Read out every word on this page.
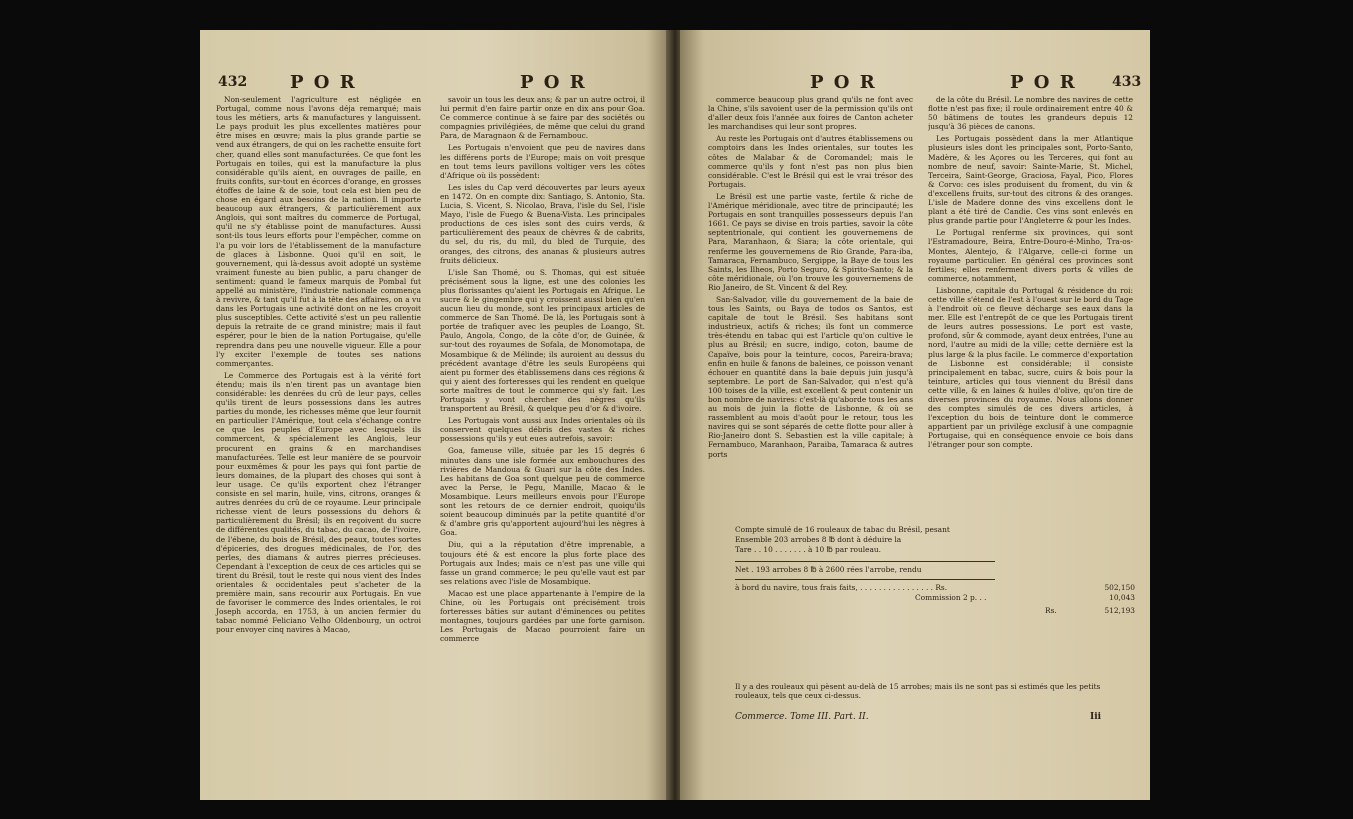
432 P O R	P O R

Non-seulement l'agriculture est négligée en Portugal, comme nous l'avons déja remarqué; mais tous les métiers, arts & manufactures y languissent. Le pays produit les plus excellentes matières pour être mises en œuvre; mais la plus grande partie se vend aux étrangers, de qui on les rachette ensuite fort cher, quand elles sont manufacturées. Ce que font les Portugais en toiles, qui est la manufacture la plus considérable qu'ils aient, en ouvrages de paille, en fruits confits, sur-tout en écorces d'orange, en grosses étoffes de laine & de soie, tout cela est bien peu de chose en égard aux besoins de la nation. Il importe beaucoup aux étrangers, & particulièrement aux Anglois, qui sont maîtres du commerce de Portugal, qu'il ne s'y établisse point de manufactures. Aussi sont-ils tous leurs efforts pour l'empêcher, comme on l'a pu voir lors de l'établissement de la manufacture de glaces à Lisbonne. Quoi qu'il en soit, le gouvernement, qui là-dessus avoit adopté un système vraiment funeste au bien public, a paru changer de sentiment: quand le fameux marquis de Pombal fut appellé au ministère, l'industrie nationale commença à revivre, & tant qu'il fut à la tête des affaires, on a vu dans les Portugais une activité dont on ne les croyoit plus susceptibles. Cette activité s'est un peu rallentie depuis la retraite de ce grand ministre; mais il faut espérer, pour le bien de la nation Portugaise, qu'elle reprendra dans peu une nouvelle vigueur. Elle a pour l'y exciter l'exemple de toutes ses nations commerçantes.

Le Commerce des Portugais est à la vérité fort étendu; mais ils n'en tirent pas un avantage bien considérable: les denrées du crû de leur pays, celles qu'ils tirent de leurs possessions dans les autres parties du monde, les richesses même que leur fournit en particulier l'Amérique, tout cela s'échange contre ce que les peuples d'Europe avec lesquels ils commercent, & spécialement les Anglois, leur procurent en grains & en marchandises manufacturées. Telle est leur manière de se pourvoir pour euxmêmes & pour les pays qui font partie de leurs domaines, de la plupart des choses qui sont à leur usage. Ce qu'ils exportent chez l'étranger consiste en sel marin, huile, vins, citrons, oranges & autres denrées du crû de ce royaume. Leur principale richesse vient de leurs possessions du dehors & particulièrement du Brésil; ils en reçoivent du sucre de différentes qualités, du tabac, du cacao, de l'ivoire, de l'ébene, du bois de Brésil, des peaux, toutes sortes d'épiceries, des drogues médicinales, de l'or, des perles, des diamans & autres pierres précieuses. Cependant à l'exception de ceux de ces articles qui se tirent du Brésil, tout le reste qui nous vient des Indes orientales & occidentales peut s'acheter de la première main, sans recourir aux Portugais. En vue de favoriser le commerce des Indes orientales, le roi Joseph accorda, en 1753, à un ancien fermier du tabac nommé Feliciano Velho Oldenbourg, un octroi pour envoyer cinq navires à Macao,

savoir un tous les deux ans; & par un autre octroi, il lui permit d'en faire partir onze en dix ans pour Goa. Ce commerce continue à se faire par des sociétés ou compagnies privilégiées, de même que celui du grand Para, de Maragnaon & de Fernambouc.

Les Portugais n'envoient que peu de navires dans les différens ports de l'Europe; mais on voit presque en tout tems leurs pavillons voltiger vers les côtes d'Afrique où ils possèdent:

Les isles du Cap verd découvertes par leurs ayeux en 1472. On en compte dix: Santiago, S. Antonio, Sta. Lucia, S. Vicent, S. Nicolao, Brava, l'isle du Sel, l'isle Mayo, l'isle de Fuego & Buena-Vista. Les principales productions de ces isles sont des cuirs verds, & particulièrement des peaux de chèvres & de cabrits, du sel, du ris, du mil, du bled de Turquie, des oranges, des citrons, des ananas & plusieurs autres fruits délicieux.

L'isle San Thomé, ou S. Thomas, qui est située précisément sous la ligne, est une des colonies les plus florissantes qu'aient les Portugais en Afrique. Le sucre & le gingembre qui y croissent aussi bien qu'en aucun lieu du monde, sont les principaux articles de commerce de San Thomé. De là, les Portugais sont à portée de trafiquer avec les peuples de Loango, St. Paulo, Angola, Congo, de la côte d'or, de Guinée, & sur-tout des royaumes de Sofala, de Monomotapa, de Mosambique & de Mélinde; ils auroient au dessus du précédent avantage d'être les seuls Européens qui aient pu former des établissemens dans ces régions & qui y aient des forteresses qui les rendent en quelque sorte maîtres de tout le commerce qui s'y fait. Les Portugais y vont chercher des nègres qu'ils transportent au Brésil, & quelque peu d'or & d'ivoire.

Les Portugais vont aussi aux Indes orientales où ils conservent quelques débris des vastes & riches possessions qu'ils y eut eues autrefois, savoir:

Goa, fameuse ville, située par les 15 degrés 6 minutes dans une isle formée aux embouchures des rivières de Mandoua & Guari sur la côte des Indes. Les habitans de Goa sont quelque peu de commerce avec la Perse, le Pegu, Manille, Macao & le Mosambique. Leurs meilleurs envois pour l'Europe sont les retours de ce dernier endroit, quoiqu'ils soient beaucoup diminués par la petite quantité d'or & d'ambre gris qu'apportent aujourd'hui les nègres à Goa.

Diu, qui a la réputation d'être imprenable, a toujours été & est encore la plus forte place des Portugais aux Indes; mais ce n'est pas une ville qui fasse un grand commerce; le peu qu'elle vaut est par ses relations avec l'isle de Mosambique.

Macao est une place appartenante à l'empire de la Chine, où les Portugais ont précisément trois forteresses bâties sur autant d'éminences ou petites montagnes, toujours gardées par une forte garnison. Les Portugais de Macao pourroient faire un commerce

P O R	P O R	433

commerce beaucoup plus grand qu'ils ne font avec la Chine, s'ils savoient user de la permission qu'ils ont d'aller deux fois l'année aux foires de Canton acheter les marchandises qui leur sont propres.

Au reste les Portugais ont d'autres établissemens ou comptoirs dans les Indes orientales, sur toutes les côtes de Malabar & de Coromandel; mais le commerce qu'ils y font n'est pas non plus bien considérable. C'est le Brésil qui est le vrai trésor des Portugais.

Le Brésil est une partie vaste, fertile & riche de l'Amérique méridionale, avec titre de principauté; les Portugais en sont tranquilles possesseurs depuis l'an 1661. Ce pays se divise en trois parties, savoir la côte septentrionale, qui contient les gouvernemens de Para, Maranhaon, & Siara; la côte orientale, qui renferme les gouvernemens de Rio Grande, Para-iba, Tamaraca, Fernambuco, Sergippe, la Baye de tous les Saints, les Ilheos, Porto Seguro, & Spirito-Santo; & la côte méridionale, où l'on trouve les gouvernemens de Rio Janeiro, de St. Vincent & del Rey.

San-Salvador, ville du gouvernement de la baie de tous les Saints, ou Baya de todos os Santos, est capitale de tout le Brésil. Ses habitans sont industrieux, actifs & riches; ils font un commerce très-étendu en tabac qui est l'article qu'on cultive le plus au Brésil; en sucre, indigo, coton, baume de Capaïve, bois pour la teinture, cocos, Pareira-brava; enfin en huile & fanons de baleines, ce poisson venant échouer en quantité dans la baie depuis juin jusqu'à septembre. Le port de San-Salvador, qui n'est qu'à 100 toises de la ville, est excellent & peut contenir un bon nombre de navires: c'est-là qu'aborde tous les ans au mois de juin la flotte de Lisbonne, & où se rassemblent au mois d'août pour le retour, tous les navires qui se sont séparés de cette flotte pour aller à Rio-Janeiro dont S. Sebastien est la ville capitale; à Fernambuco, Maranhaon, Paraiba, Tamaraca & autres ports

de la côte du Brésil. Le nombre des navires de cette flotte n'est pas fixe; il roule ordinairement entre 40 & 50 bâtimens de toutes les grandeurs depuis 12 jusqu'à 36 pièces de canons.

Les Portugais possèdent dans la mer Atlantique plusieurs isles dont les principales sont, Porto-Santo, Madère, & les Açores ou les Terceres, qui font au nombre de neuf, savoir: Sainte-Marie, St. Michel, Terceira, Saint-George, Graciosa, Fayal, Pico, Flores & Corvo: ces isles produisent du froment, du vin & d'excellens fruits, sur-tout des citrons & des oranges. L'isle de Madere donne des vins excellens dont le plant a été tiré de Candie. Ces vins sont enlevés en plus grande partie pour l'Angleterre & pour les Indes.

Le Portugal renferme six provinces, qui sont l'Estramadoure, Beira, Entre-Douro-é-Minho, Tra-os-Montes, Alentejo, & l'Algarve, celle-ci forme un royaume particulier. En général ces provinces sont fertiles; elles renferment divers ports & villes de commerce, notamment,

Lisbonne, capitale du Portugal & résidence du roi: cette ville s'étend de l'est à l'ouest sur le bord du Tage à l'endroit où ce fleuve décharge ses eaux dans la mer. Elle est l'entrepôt de ce que les Portugais tirent de leurs autres possessions. Le port est vaste, profond, sûr & commode, ayant deux entrées, l'une au nord, l'autre au midi de la ville; cette dernière est la plus large & la plus facile. Le commerce d'exportation de Lisbonne est considérable; il consiste principalement en tabac, sucre, cuirs & bois pour la teinture, articles qui tous viennent du Brésil dans cette ville, & en laines & huiles d'olive, qu'on tire de diverses provinces du royaume. Nous allons donner des comptes simulés de ces divers articles, à l'exception du bois de teinture dont le commerce appartient par un privilège exclusif à une compagnie Portugaise, qui en conséquence envoie ce bois dans l'étranger pour son compte.

Compte simulé de 16 rouleaux de tabac du Brésil, pesant
Ensemble 203 arrobes 8 ℔ dont à déduire la
Tare . . 10 . . . . . . . à 10 ℔ par rouleau.
Net . 193 arrobes 8 ℔ à 2600 rées l'arrobe, rendu
à bord du navire, tous frais faits, . . . . . . . . . . . . . . . . Rs.	502,150
Commission 2 p. . .	10,043
Rs.	512,193
Il y a des rouleaux qui pèsent au-delà de 15 arrobes; mais ils ne sont pas si estimés que les petits rouleaux, tels que ceux ci-dessus.
Commerce. Tome III. Part. II.	Iii
